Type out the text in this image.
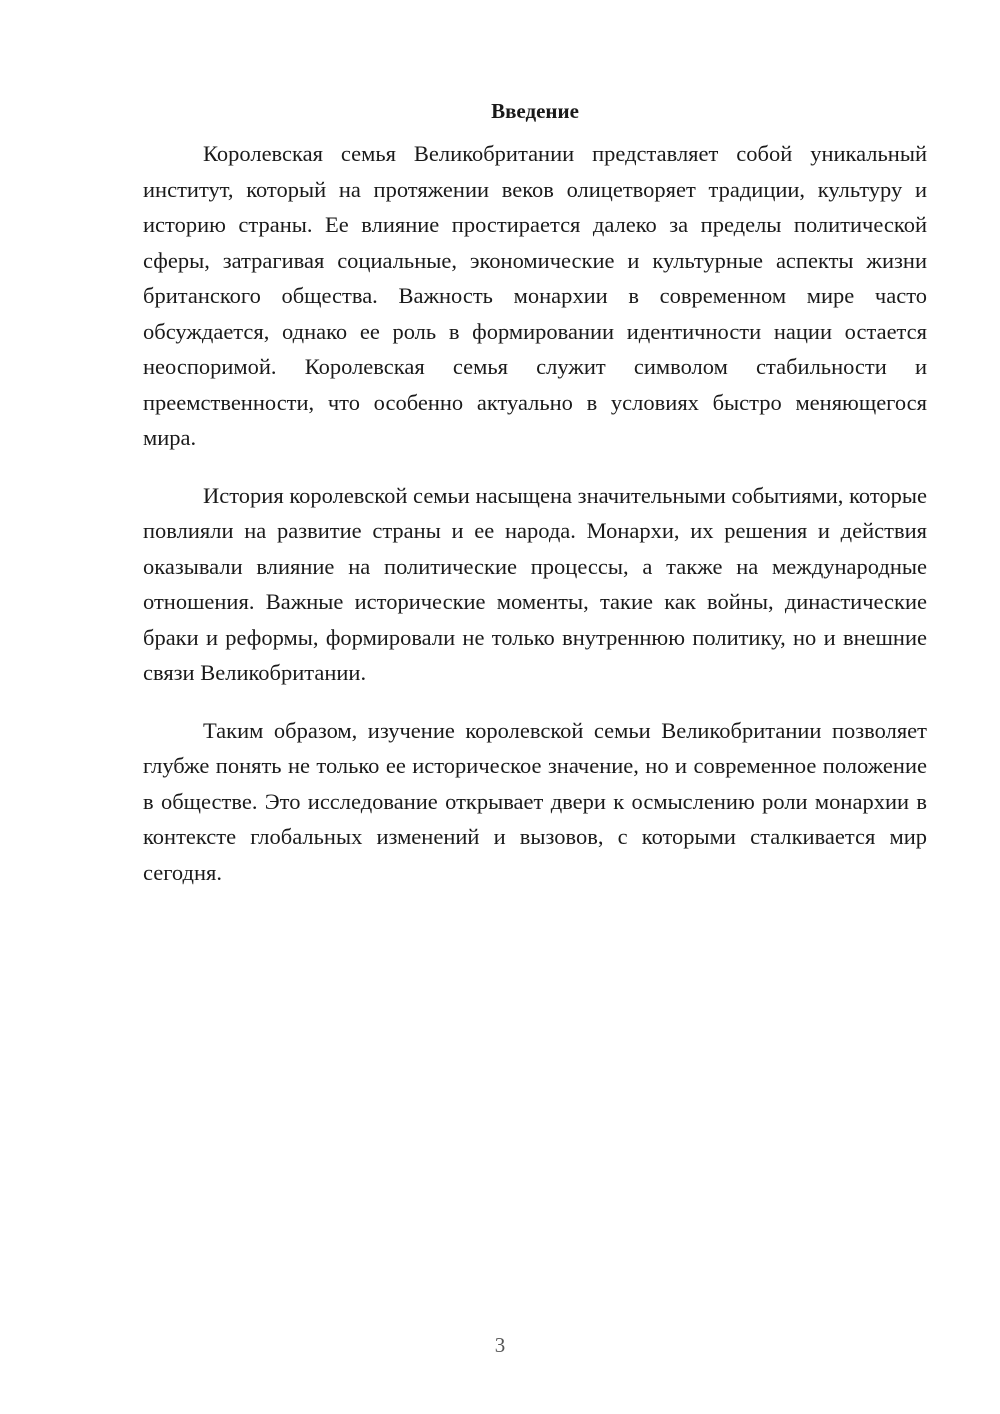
Введение

Королевская семья Великобритании представляет собой уникальный институт, который на протяжении веков олицетворяет традиции, культуру и историю страны. Ее влияние простирается далеко за пределы политической сферы, затрагивая социальные, экономические и культурные аспекты жизни британского общества. Важность монархии в современном мире часто обсуждается, однако ее роль в формировании идентичности нации остается неоспоримой. Королевская семья служит символом стабильности и преемственности, что особенно актуально в условиях быстро меняющегося мира.

История королевской семьи насыщена значительными событиями, которые повлияли на развитие страны и ее народа. Монархи, их решения и действия оказывали влияние на политические процессы, а также на международные отношения. Важные исторические моменты, такие как войны, династические браки и реформы, формировали не только внутреннюю политику, но и внешние связи Великобритании.

Таким образом, изучение королевской семьи Великобритании позволяет глубже понять не только ее историческое значение, но и современное положение в обществе. Это исследование открывает двери к осмыслению роли монархии в контексте глобальных изменений и вызовов, с которыми сталкивается мир сегодня.

3
